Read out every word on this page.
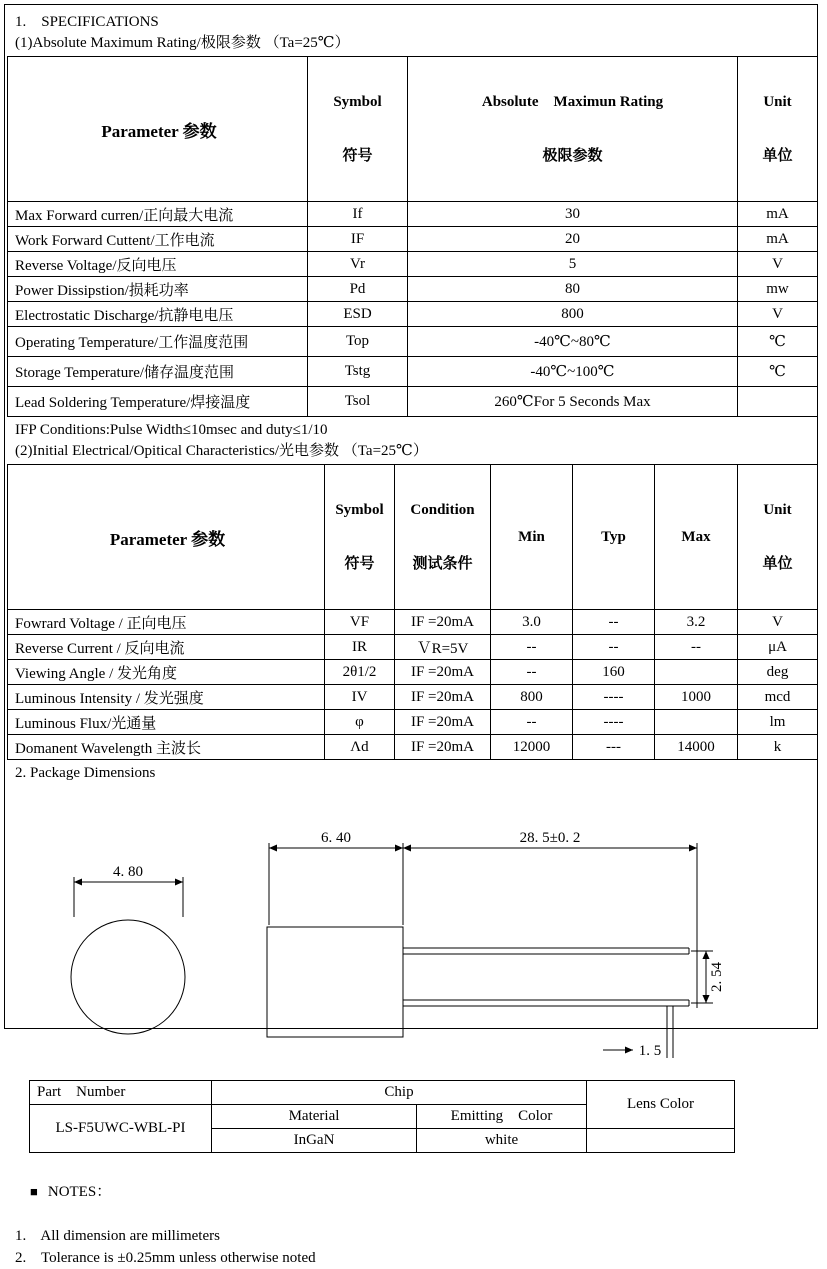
1.    SPECIFICATIONS
(1)Absolute Maximum Rating/极限参数 （Ta=25℃）
Parameter 参数	

Symbol

符号

Absolute    Maximun Rating

极限参数

Unit

单位

Max Forward curren/正向最大电流	If	30	mA
Work Forward Cuttent/工作电流	IF	20	mA
Reverse Voltage/反向电压	Vr	5	V
Power Dissipstion/损耗功率	Pd	80	mw
Electrostatic Discharge/抗静电电压	ESD	800	V
Operating Temperature/工作温度范围	Top	-40℃~80℃	℃
Storage Temperature/储存温度范围	Tstg	-40℃~100℃	℃
Lead Soldering Temperature/焊接温度	Tsol	260℃For 5 Seconds Max	
IFP Conditions:Pulse Width≤10msec and duty≤1/10
(2)Initial Electrical/Opitical Characteristics/光电参数 （Ta=25℃）
Parameter 参数	

Symbol

符号

Condition

测试条件

	Min	Typ	Max	

Unit

单位

Fowrard Voltage / 正向电压	VF	IF =20mA	3.0	--	3.2	V
Reverse Current / 反向电流	IR	ＶR=5V	--	--	--	μA
Viewing Angle / 发光角度	2θ1/2	IF =20mA	--	160		deg
Luminous Intensity / 发光强度	IV	IF =20mA	800	----	1000	mcd
Luminous Flux/光通量	φ	IF =20mA	--	----		lm
Domanent Wavelength 主波长	Λd	IF =20mA	12000	---	14000	k
2. Package Dimensions
4. 80
6. 40	28. 5±0. 2
2. 54
1. 5
Part    Number	Chip		Lens Color
LS-F5UWC-WBL-PI	Material	Emitting    Color	
	InGaN	white	

■ NOTES：

1.    All dimension are millimeters
2.    Tolerance is ±0.25mm unless otherwise noted
